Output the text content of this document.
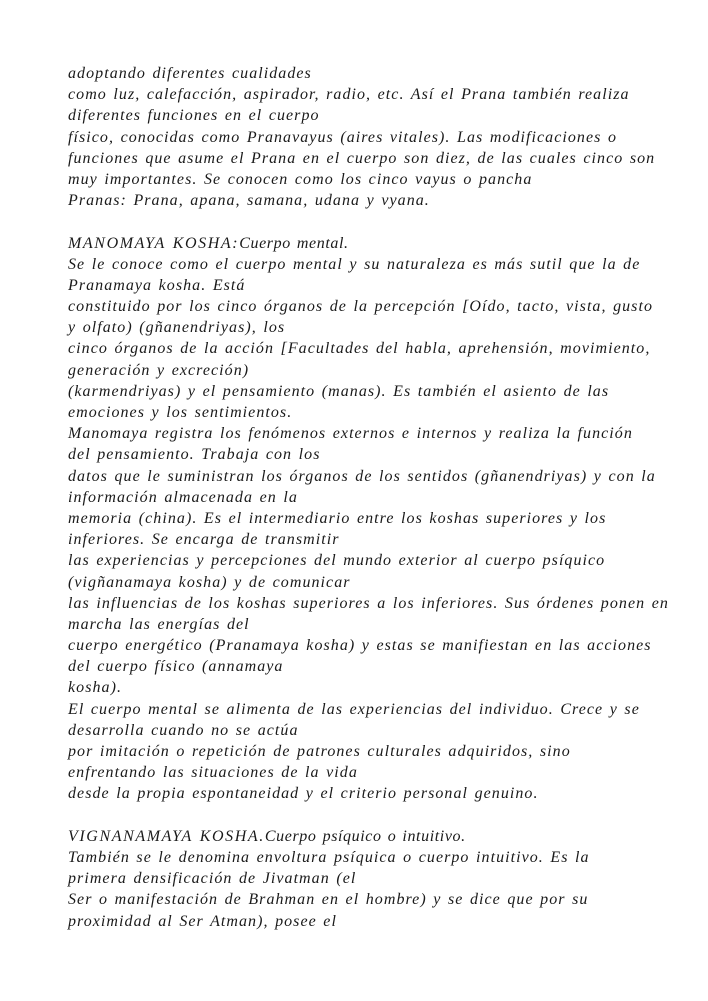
adoptando diferentes cualidades
como luz, calefacción, aspirador, radio, etc. Así el Prana también realiza
diferentes funciones en el cuerpo
físico, conocidas como Pranavayus (aires vitales). Las modificaciones o
funciones que asume el Prana en el cuerpo son diez, de las cuales cinco son
muy importantes. Se conocen como los cinco vayus o pancha
Pranas: Prana, apana, samana, udana y vyana.
MANOMAYA KOSHA:Cuerpo mental.
Se le conoce como el cuerpo mental y su naturaleza es más sutil que la de
Pranamaya kosha. Está
constituido por los cinco órganos de la percepción [Oído, tacto, vista, gusto
y olfato) (gñanendriyas), los
cinco órganos de la acción [Facultades del habla, aprehensión, movimiento,
generación y excreción)
(karmendriyas) y el pensamiento (manas). Es también el asiento de las
emociones y los sentimientos.
Manomaya registra los fenómenos externos e internos y realiza la función
del pensamiento. Trabaja con los
datos que le suministran los órganos de los sentidos (gñanendriyas) y con la
información almacenada en la
memoria (china). Es el intermediario entre los koshas superiores y los
inferiores. Se encarga de transmitir
las experiencias y percepciones del mundo exterior al cuerpo psíquico
(vigñanamaya kosha) y de comunicar
las influencias de los koshas superiores a los inferiores. Sus órdenes ponen en
marcha las energías del
cuerpo energético (Pranamaya kosha) y estas se manifiestan en las acciones
del cuerpo físico (annamaya
kosha).
El cuerpo mental se alimenta de las experiencias del individuo. Crece y se
desarrolla cuando no se actúa
por imitación o repetición de patrones culturales adquiridos, sino
enfrentando las situaciones de la vida
desde la propia espontaneidad y el criterio personal genuino.
VIGNANAMAYA KOSHA.Cuerpo psíquico o intuitivo.
También se le denomina envoltura psíquica o cuerpo intuitivo. Es la
primera densificación de Jivatman (el
Ser o manifestación de Brahman en el hombre) y se dice que por su
proximidad al Ser Atman), posee el
